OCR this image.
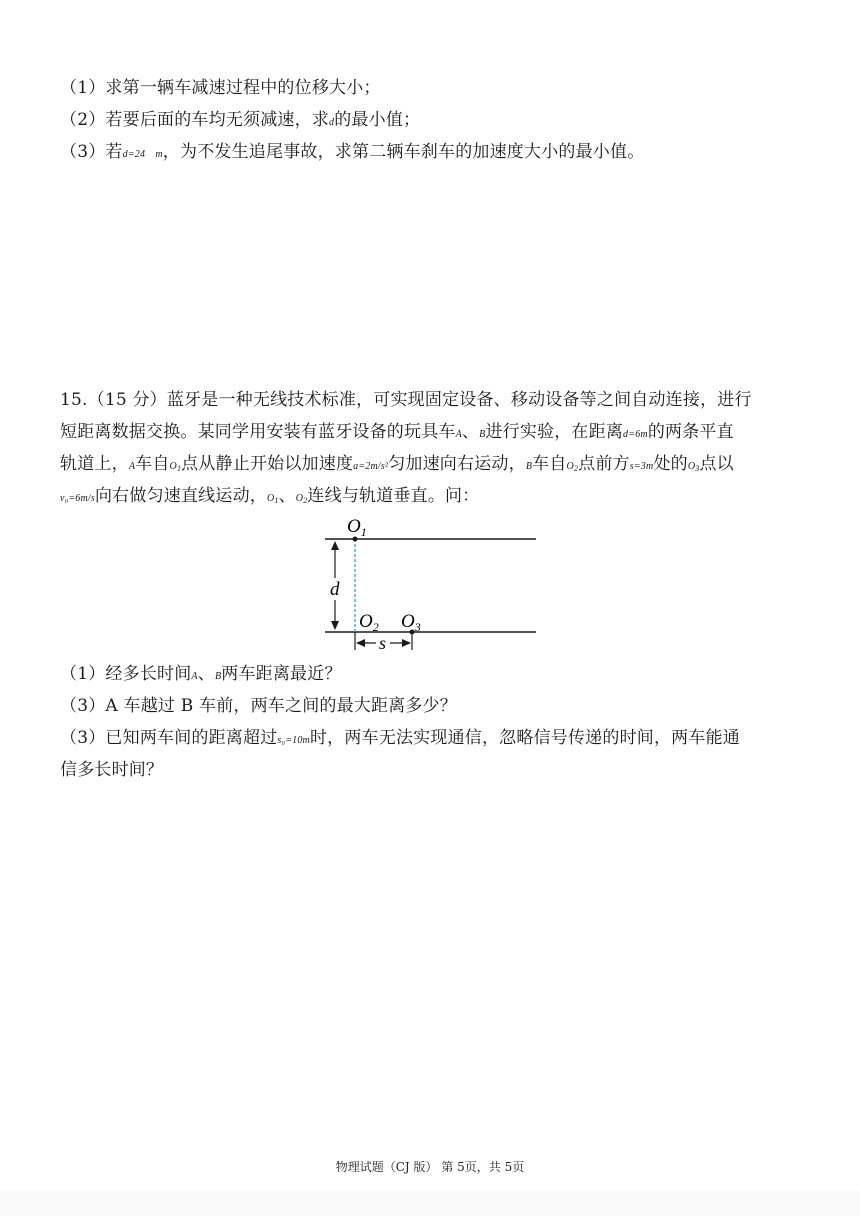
（1）求第一辆车减速过程中的位移大小；
（2）若要后面的车均无须减速，求d的最小值；
（3）若d=24　m，为不发生追尾事故，求第二辆车刹车的加速度大小的最小值。
15.（15 分）蓝牙是一种无线技术标准，可实现固定设备、移动设备等之间自动连接，进行
短距离数据交换。某同学用安装有蓝牙设备的玩具车A、B进行实验，在距离d=6m的两条平直
轨道上，A车自$O_1$点从静止开始以加速度a=2m/s²匀加速向右运动，B车自$O_2$点前方s=3m处的$O_3$点以
v₀=6m/s向右做匀速直线运动，$O_1$、$O_2$连线与轨道垂直。问：
$O_1$
$O_2$ $O_3$
d
s
（1）经多长时间A、B两车距离最近？
（3）A 车越过 B 车前，两车之间的最大距离多少？
（3）已知两车间的距离超过s₀=10m时，两车无法实现通信，忽略信号传递的时间，两车能通
信多长时间？
物理试题（CJ 版） 第 5页，共 5页
